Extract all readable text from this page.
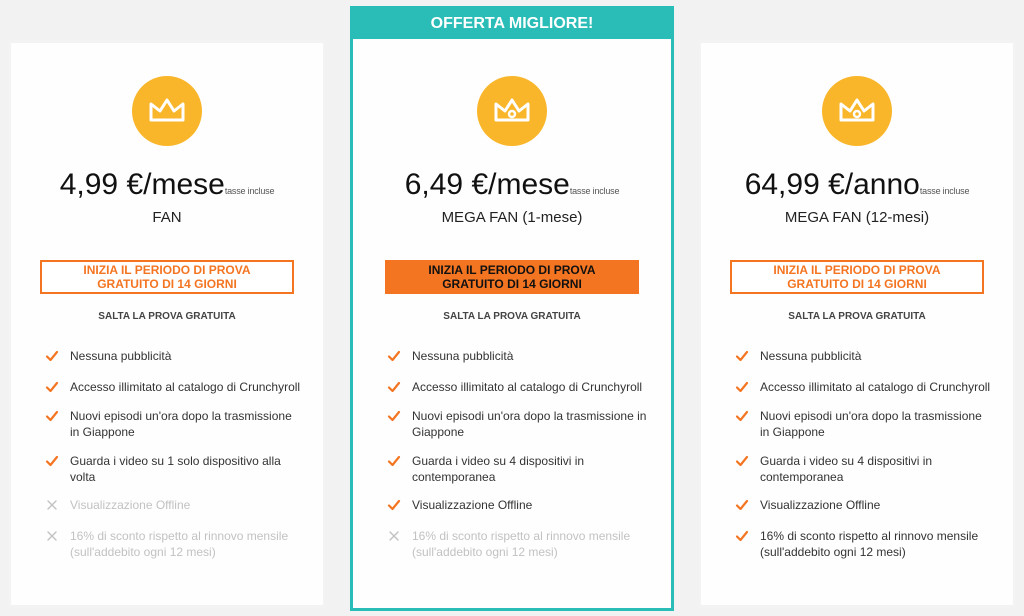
4,99 €/mesetasse incluse
FAN
INIZIA IL PERIODO DI PROVA GRATUITO DI 14 GIORNI
SALTA LA PROVA GRATUITA
Nessuna pubblicità
Accesso illimitato al catalogo di Crunchyroll
Nuovi episodi un'ora dopo la trasmissione in Giappone
Guarda i video su 1 solo dispositivo alla volta
Visualizzazione Offline
16% di sconto rispetto al rinnovo mensile (sull'addebito ogni 12 mesi)
OFFERTA MIGLIORE!
6,49 €/mesetasse incluse
MEGA FAN (1-mese)
INIZIA IL PERIODO DI PROVA GRATUITO DI 14 GIORNI
SALTA LA PROVA GRATUITA
Nessuna pubblicità
Accesso illimitato al catalogo di Crunchyroll
Nuovi episodi un'ora dopo la trasmissione in Giappone
Guarda i video su 4 dispositivi in contemporanea
Visualizzazione Offline
16% di sconto rispetto al rinnovo mensile (sull'addebito ogni 12 mesi)
64,99 €/annotasse incluse
MEGA FAN (12-mesi)
INIZIA IL PERIODO DI PROVA GRATUITO DI 14 GIORNI
SALTA LA PROVA GRATUITA
Nessuna pubblicità
Accesso illimitato al catalogo di Crunchyroll
Nuovi episodi un'ora dopo la trasmissione in Giappone
Guarda i video su 4 dispositivi in contemporanea
Visualizzazione Offline
16% di sconto rispetto al rinnovo mensile (sull'addebito ogni 12 mesi)
